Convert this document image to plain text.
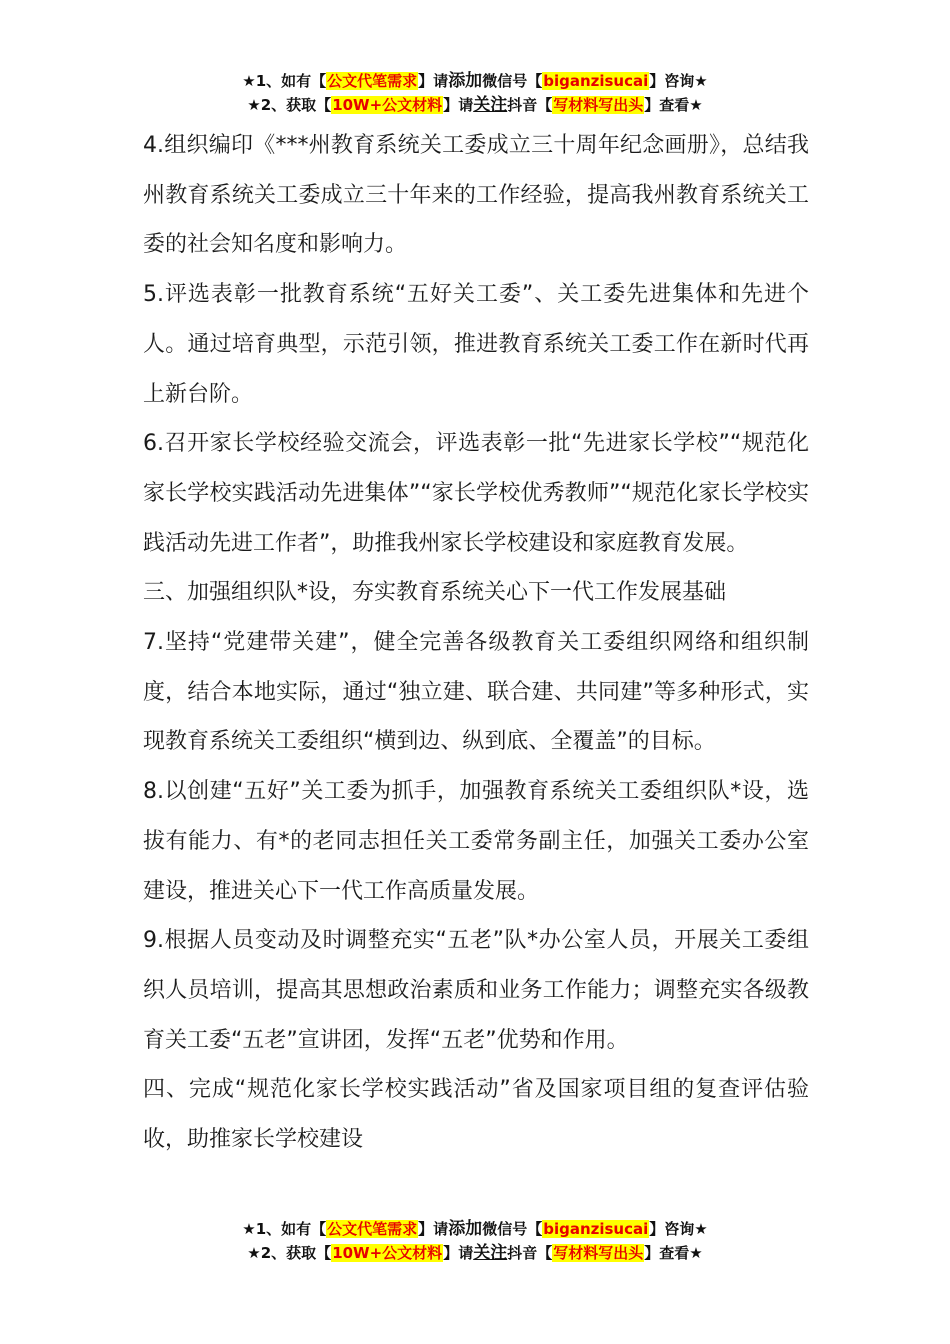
★1、如有【公文代笔需求】请添加微信号【biganzisucai】咨询★
★2、获取【10W+公文材料】请关注抖音【写材料写出头】查看★

4.组织编印《***州教育系统关工委成立三十周年纪念画册》，总结我州教育系统关工委成立三十年来的工作经验，提高我州教育系统关工委的社会知名度和影响力。

5.评选表彰一批教育系统“五好关工委”、关工委先进集体和先进个人。通过培育典型，示范引领，推进教育系统关工委工作在新时代再上新台阶。

6.召开家长学校经验交流会，评选表彰一批“先进家长学校”“规范化家长学校实践活动先进集体”“家长学校优秀教师”“规范化家长学校实践活动先进工作者”，助推我州家长学校建设和家庭教育发展。

三、加强组织队*设，夯实教育系统关心下一代工作发展基础

7.坚持“党建带关建”，健全完善各级教育关工委组织网络和组织制度，结合本地实际，通过“独立建、联合建、共同建”等多种形式，实现教育系统关工委组织“横到边、纵到底、全覆盖”的目标。

8.以创建“五好”关工委为抓手，加强教育系统关工委组织队*设，选拔有能力、有*的老同志担任关工委常务副主任，加强关工委办公室建设，推进关心下一代工作高质量发展。

9.根据人员变动及时调整充实“五老”队*办公室人员，开展关工委组织人员培训，提高其思想政治素质和业务工作能力；调整充实各级教育关工委“五老”宣讲团，发挥“五老”优势和作用。

四、完成“规范化家长学校实践活动”省及国家项目组的复查评估验收，助推家长学校建设

★1、如有【公文代笔需求】请添加微信号【biganzisucai】咨询★
★2、获取【10W+公文材料】请关注抖音【写材料写出头】查看★
